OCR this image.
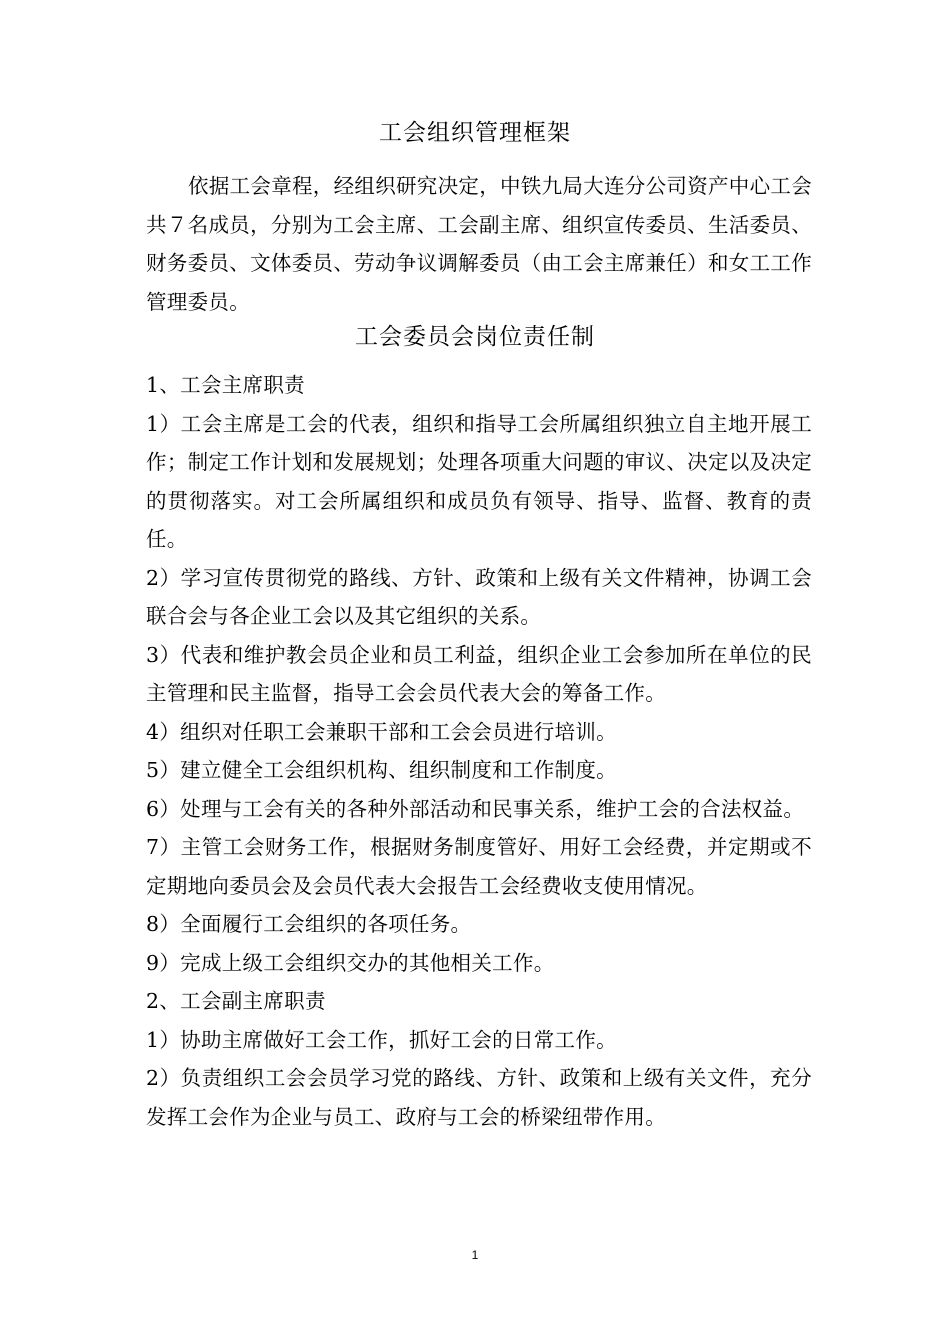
工会组织管理框架

依据工会章程，经组织研究决定，中铁九局大连分公司资产中心工会共７名成员，分别为工会主席、工会副主席、组织宣传委员、生活委员、财务委员、文体委员、劳动争议调解委员（由工会主席兼任）和女工工作管理委员。

工会委员会岗位责任制

1、工会主席职责

1）工会主席是工会的代表，组织和指导工会所属组织独立自主地开展工作；制定工作计划和发展规划；处理各项重大问题的审议、决定以及决定的贯彻落实。对工会所属组织和成员负有领导、指导、监督、教育的责任。

2）学习宣传贯彻党的路线、方针、政策和上级有关文件精神，协调工会联合会与各企业工会以及其它组织的关系。

3）代表和维护教会员企业和员工利益，组织企业工会参加所在单位的民主管理和民主监督，指导工会会员代表大会的筹备工作。

4）组织对任职工会兼职干部和工会会员进行培训。

5）建立健全工会组织机构、组织制度和工作制度。

6）处理与工会有关的各种外部活动和民事关系，维护工会的合法权益。

7）主管工会财务工作，根据财务制度管好、用好工会经费，并定期或不定期地向委员会及会员代表大会报告工会经费收支使用情况。

8）全面履行工会组织的各项任务。

9）完成上级工会组织交办的其他相关工作。

2、工会副主席职责

1）协助主席做好工会工作，抓好工会的日常工作。

2）负责组织工会会员学习党的路线、方针、政策和上级有关文件，充分发挥工会作为企业与员工、政府与工会的桥梁纽带作用。

1
